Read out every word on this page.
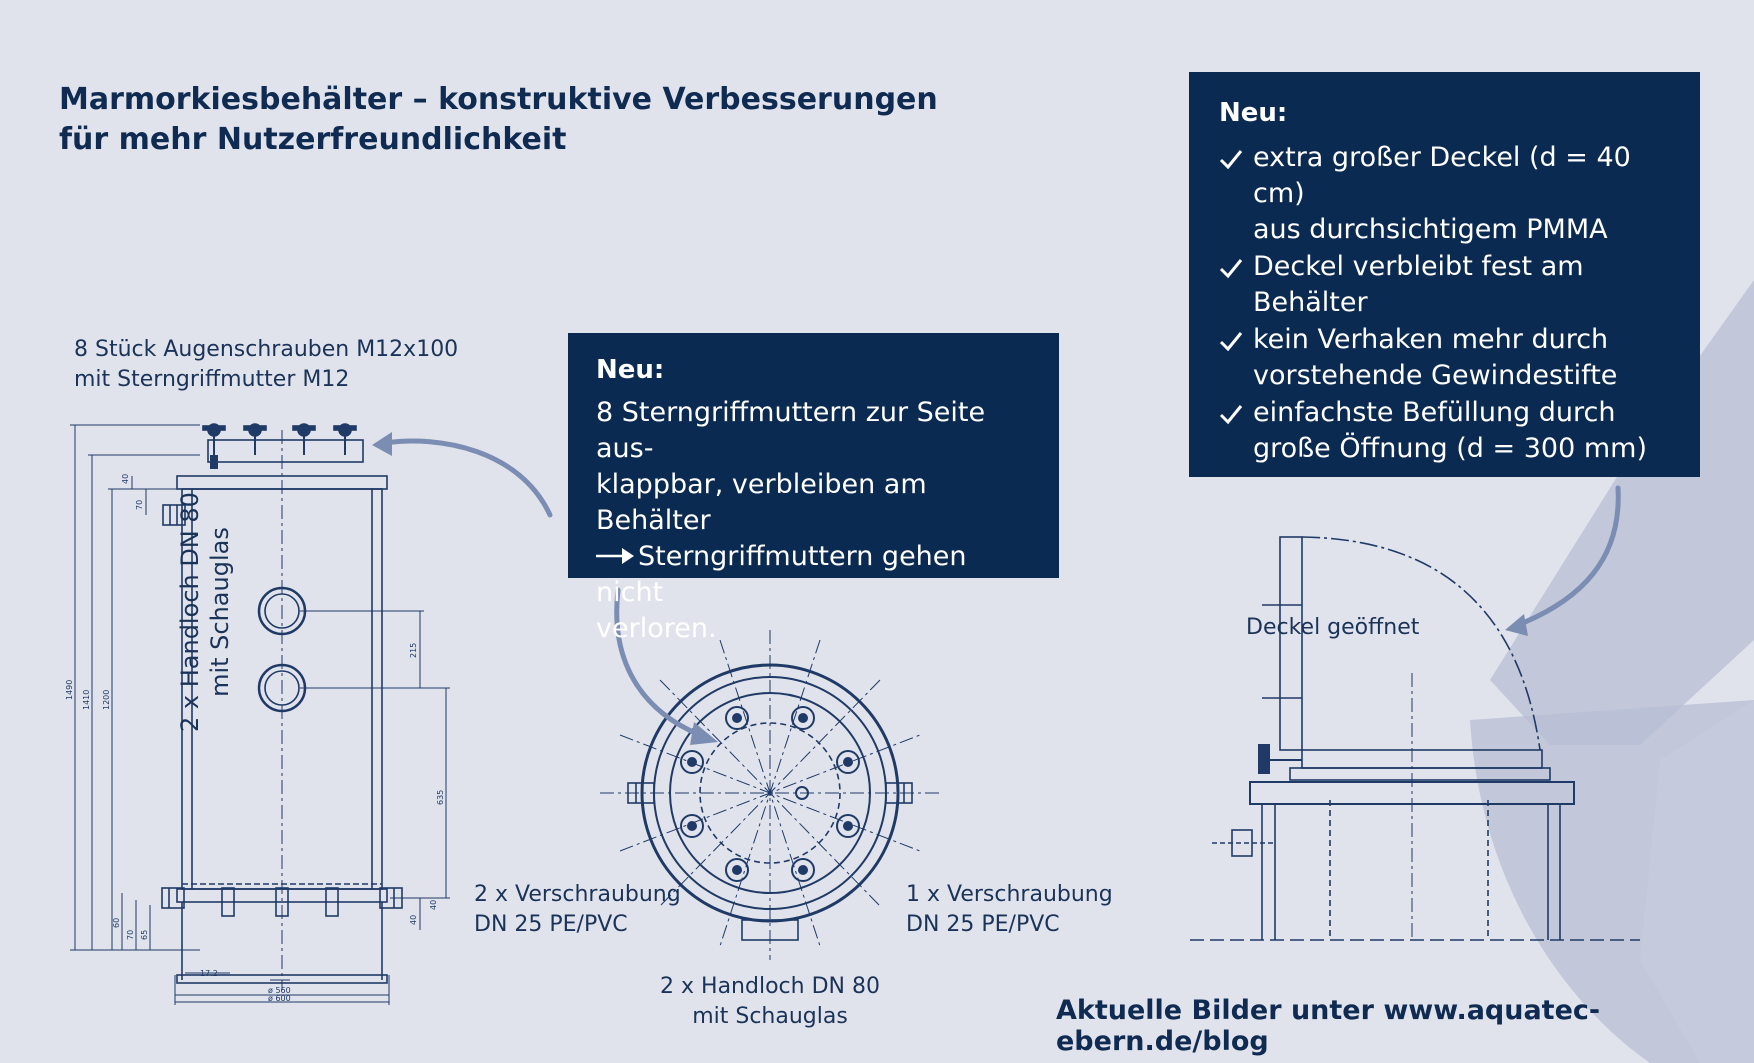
40
70
215
1490 1410 1200
635
60
70 65
40
40
17.2
ø 560
ø 600
Marmorkiesbehälter – konstruktive Verbesserungen
für mehr Nutzerfreundlichkeit
8 Stück Augenschrauben M12x100
mit Sterngriffmutter M12
2 x Handloch DN 80 mit Schauglas
2 x Verschraubung
DN 25 PE/PVC
1 x Verschraubung
DN 25 PE/PVC
2 x Handloch DN 80
mit Schauglas
Deckel geöffnet
Neu:
8 Sterngriffmuttern zur Seite aus-
klappbar, verbleiben am Behälter
Sterngriffmuttern gehen nicht
verloren.
Neu:
extra großer Deckel (d = 40 cm)
aus durchsichtigem PMMA
Deckel verbleibt fest am
Behälter
kein Verhaken mehr durch
vorstehende Gewindestifte
einfachste Befüllung durch
große Öffnung (d = 300 mm)
Aktuelle Bilder unter www.aquatec-ebern.de/blog
